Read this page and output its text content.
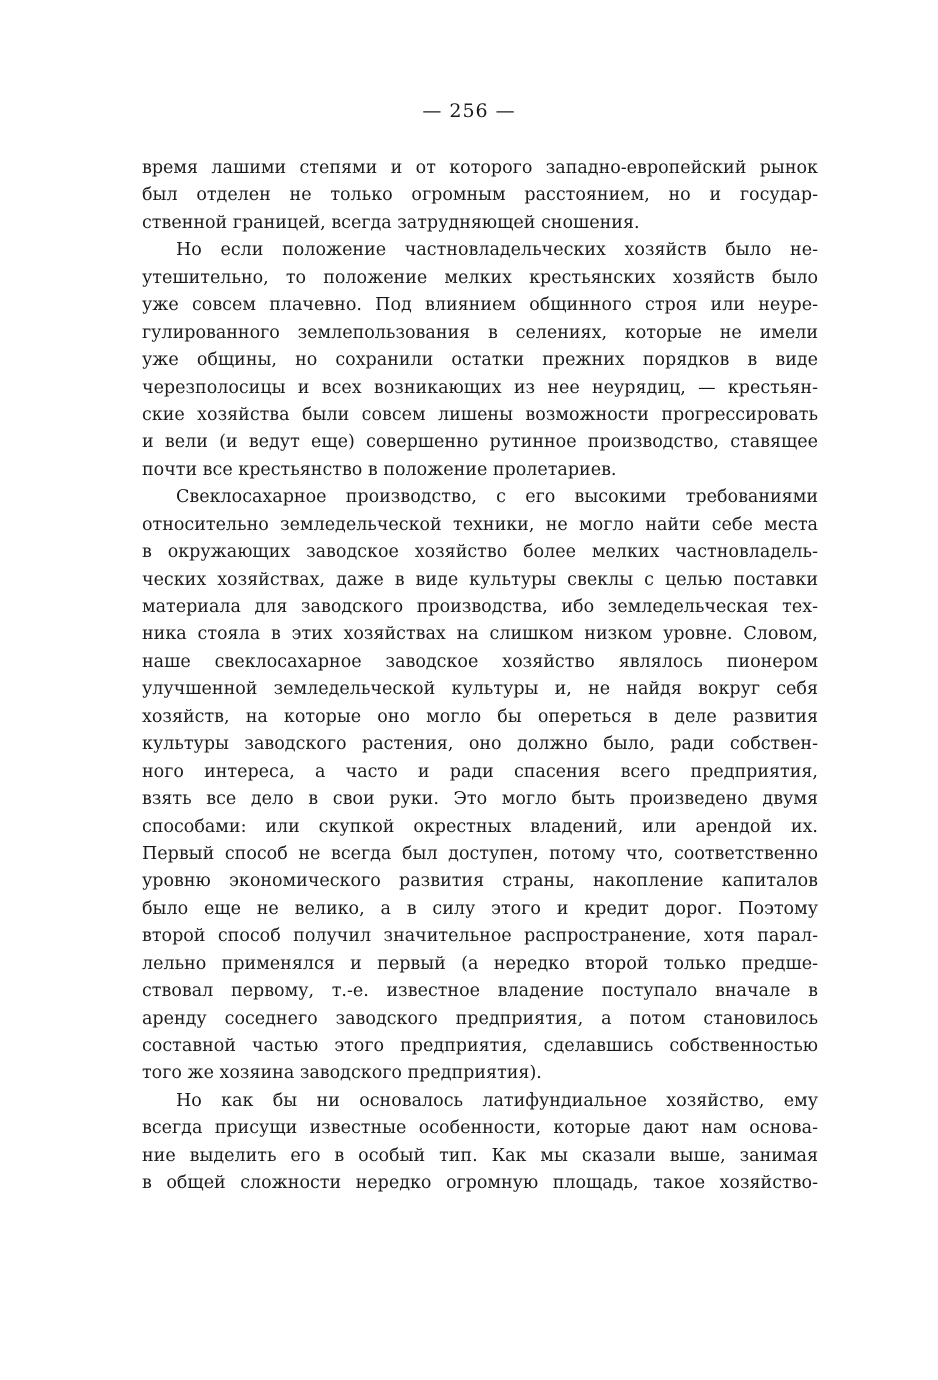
— 256 —
время лашими степями и от которого западно-европейский рынок
был отделен не только огромным расстоянием, но и государ-
ственной границей, всегда затрудняющей сношения.
Но если положение частновладельческих хозяйств было не-
утешительно, то положение мелких крестьянских хозяйств было
уже совсем плачевно. Под влиянием общинного строя или неуре-
гулированного землепользования в селениях, которые не имели
уже общины, но сохранили остатки прежних порядков в виде
черезполосицы и всех возникающих из нее неурядиц, — крестьян-
ские хозяйства были совсем лишены возможности прогрессировать
и вели (и ведут еще) совершенно рутинное производство, ставящее
почти все крестьянство в положение пролетариев.
Свеклосахарное производство, с его высокими требованиями
относительно земледельческой техники, не могло найти себе места
в окружающих заводское хозяйство более мелких частновладель-
ческих хозяйствах, даже в виде культуры свеклы с целью поставки
материала для заводского производства, ибо земледельческая тех-
ника стояла в этих хозяйствах на слишком низком уровне. Словом,
наше свеклосахарное заводское хозяйство являлось пионером
улучшенной земледельческой культуры и, не найдя вокруг себя
хозяйств, на которые оно могло бы опереться в деле развития
культуры заводского растения, оно должно было, ради собствен-
ного интереса, а часто и ради спасения всего предприятия,
взять все дело в свои руки. Это могло быть произведено двумя
способами: или скупкой окрестных владений, или арендой их.
Первый способ не всегда был доступен, потому что, соответственно
уровню экономического развития страны, накопление капиталов
было еще не велико, а в силу этого и кредит дорог. Поэтому
второй способ получил значительное распространение, хотя парал-
лельно применялся и первый (а нередко второй только предше-
ствовал первому, т.-е. известное владение поступало вначале в
аренду соседнего заводского предприятия, а потом становилось
составной частью этого предприятия, сделавшись собственностью
того же хозяина заводского предприятия).
Но как бы ни основалось латифундиальное хозяйство, ему
всегда присущи известные особенности, которые дают нам основа-
ние выделить его в особый тип. Как мы сказали выше, занимая
в общей сложности нередко огромную площадь, такое хозяйство-
